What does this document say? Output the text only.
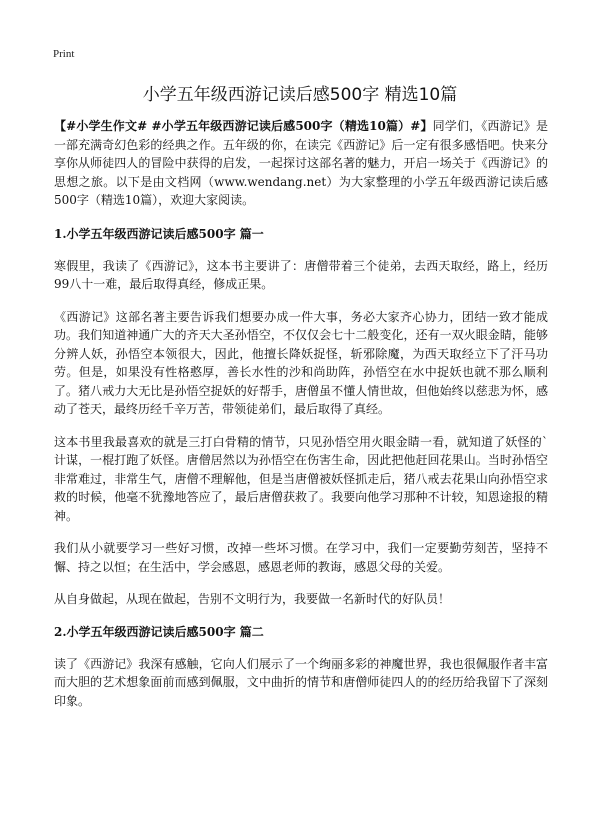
Print
小学五年级西游记读后感500字 精选10篇

【#小学生作文# #小学五年级西游记读后感500字（精选10篇）#】同学们，《西游记》是一部充满奇幻色彩的经典之作。五年级的你，在读完《西游记》后一定有很多感悟吧。快来分享你从师徒四人的冒险中获得的启发，一起探讨这部名著的魅力，开启一场关于《西游记》的思想之旅。以下是由文档网（www.wendang.net）为大家整理的小学五年级西游记读后感500字（精选10篇），欢迎大家阅读。

1.小学五年级西游记读后感500字 篇一

寒假里，我读了《西游记》，这本书主要讲了：唐僧带着三个徒弟，去西天取经，路上，经历99八十一难，最后取得真经，修成正果。

《西游记》这部名著主要告诉我们想要办成一件大事，务必大家齐心协力，团结一致才能成功。我们知道神通广大的齐天大圣孙悟空，不仅仅会七十二般变化，还有一双火眼金睛，能够分辨人妖，孙悟空本领很大，因此，他擅长降妖捉怪，斩邪除魔，为西天取经立下了汗马功劳。但是，如果没有性格憨厚，善长水性的沙和尚助阵，孙悟空在水中捉妖也就不那么顺利了。猪八戒力大无比是孙悟空捉妖的好帮手，唐僧虽不懂人情世故，但他始终以慈悲为怀，感动了苍天，最终历经千辛万苦，带领徒弟们，最后取得了真经。

这本书里我最喜欢的就是三打白骨精的情节，只见孙悟空用火眼金睛一看，就知道了妖怪的`计谋，一棍打跑了妖怪。唐僧居然以为孙悟空在伤害生命，因此把他赶回花果山。当时孙悟空非常难过，非常生气，唐僧不理解他，但是当唐僧被妖怪抓走后，猪八戒去花果山向孙悟空求救的时候，他毫不犹豫地答应了，最后唐僧获救了。我要向他学习那种不计较，知恩途报的精神。

我们从小就要学习一些好习惯，改掉一些坏习惯。在学习中，我们一定要勤劳刻苦，坚持不懈、持之以恒；在生活中，学会感恩，感恩老师的教诲，感恩父母的关爱。

从自身做起，从现在做起，告别不文明行为，我要做一名新时代的好队员！

2.小学五年级西游记读后感500字 篇二

读了《西游记》我深有感触，它向人们展示了一个绚丽多彩的神魔世界，我也很佩服作者丰富而大胆的艺术想象面前而感到佩服，文中曲折的情节和唐僧师徒四人的的经历给我留下了深刻印象。
